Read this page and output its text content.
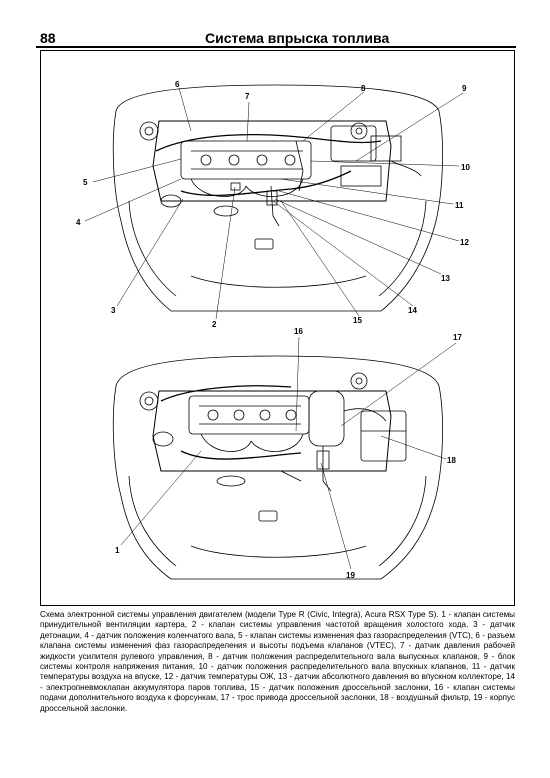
88	Система впрыска топлива
6
7
8	9
5
10
11
4
12
13
3	14
2	15
16
17
18
1
19
Схема электронной системы управления двигателем (модели Type R (Civic, Integra), Acura RSX Type S). 1 - клапан системы принудительной вентиляции картера, 2 - клапан системы управления частотой вращения холостого хода, 3 - датчик детонации, 4 - датчик положения коленчатого вала, 5 - клапан системы изменения фаз газораспределения (VTC), 6 - разъем клапана системы изменения фаз газораспределения и высоты подъема клапанов (VTEC), 7 - датчик давления рабочей жидкости усилителя рулевого управления, 8 - датчик положения распределительного вала выпускных клапанов, 9 - блок системы контроля напряжения питания, 10 - датчик положения распределительного вала впускных клапанов, 11 - датчик температуры воздуха на впуске, 12 - датчик температуры ОЖ, 13 - датчик абсолютного давления во впускном коллекторе, 14 - электропневмоклапан аккумулятора паров топлива, 15 - датчик положения дроссельной заслонки, 16 - клапан системы подачи дополнительного воздуха к форсункам, 17 - трос привода дроссельной заслонки, 18 - воздушный фильтр, 19 - корпус дроссельной заслонки.
